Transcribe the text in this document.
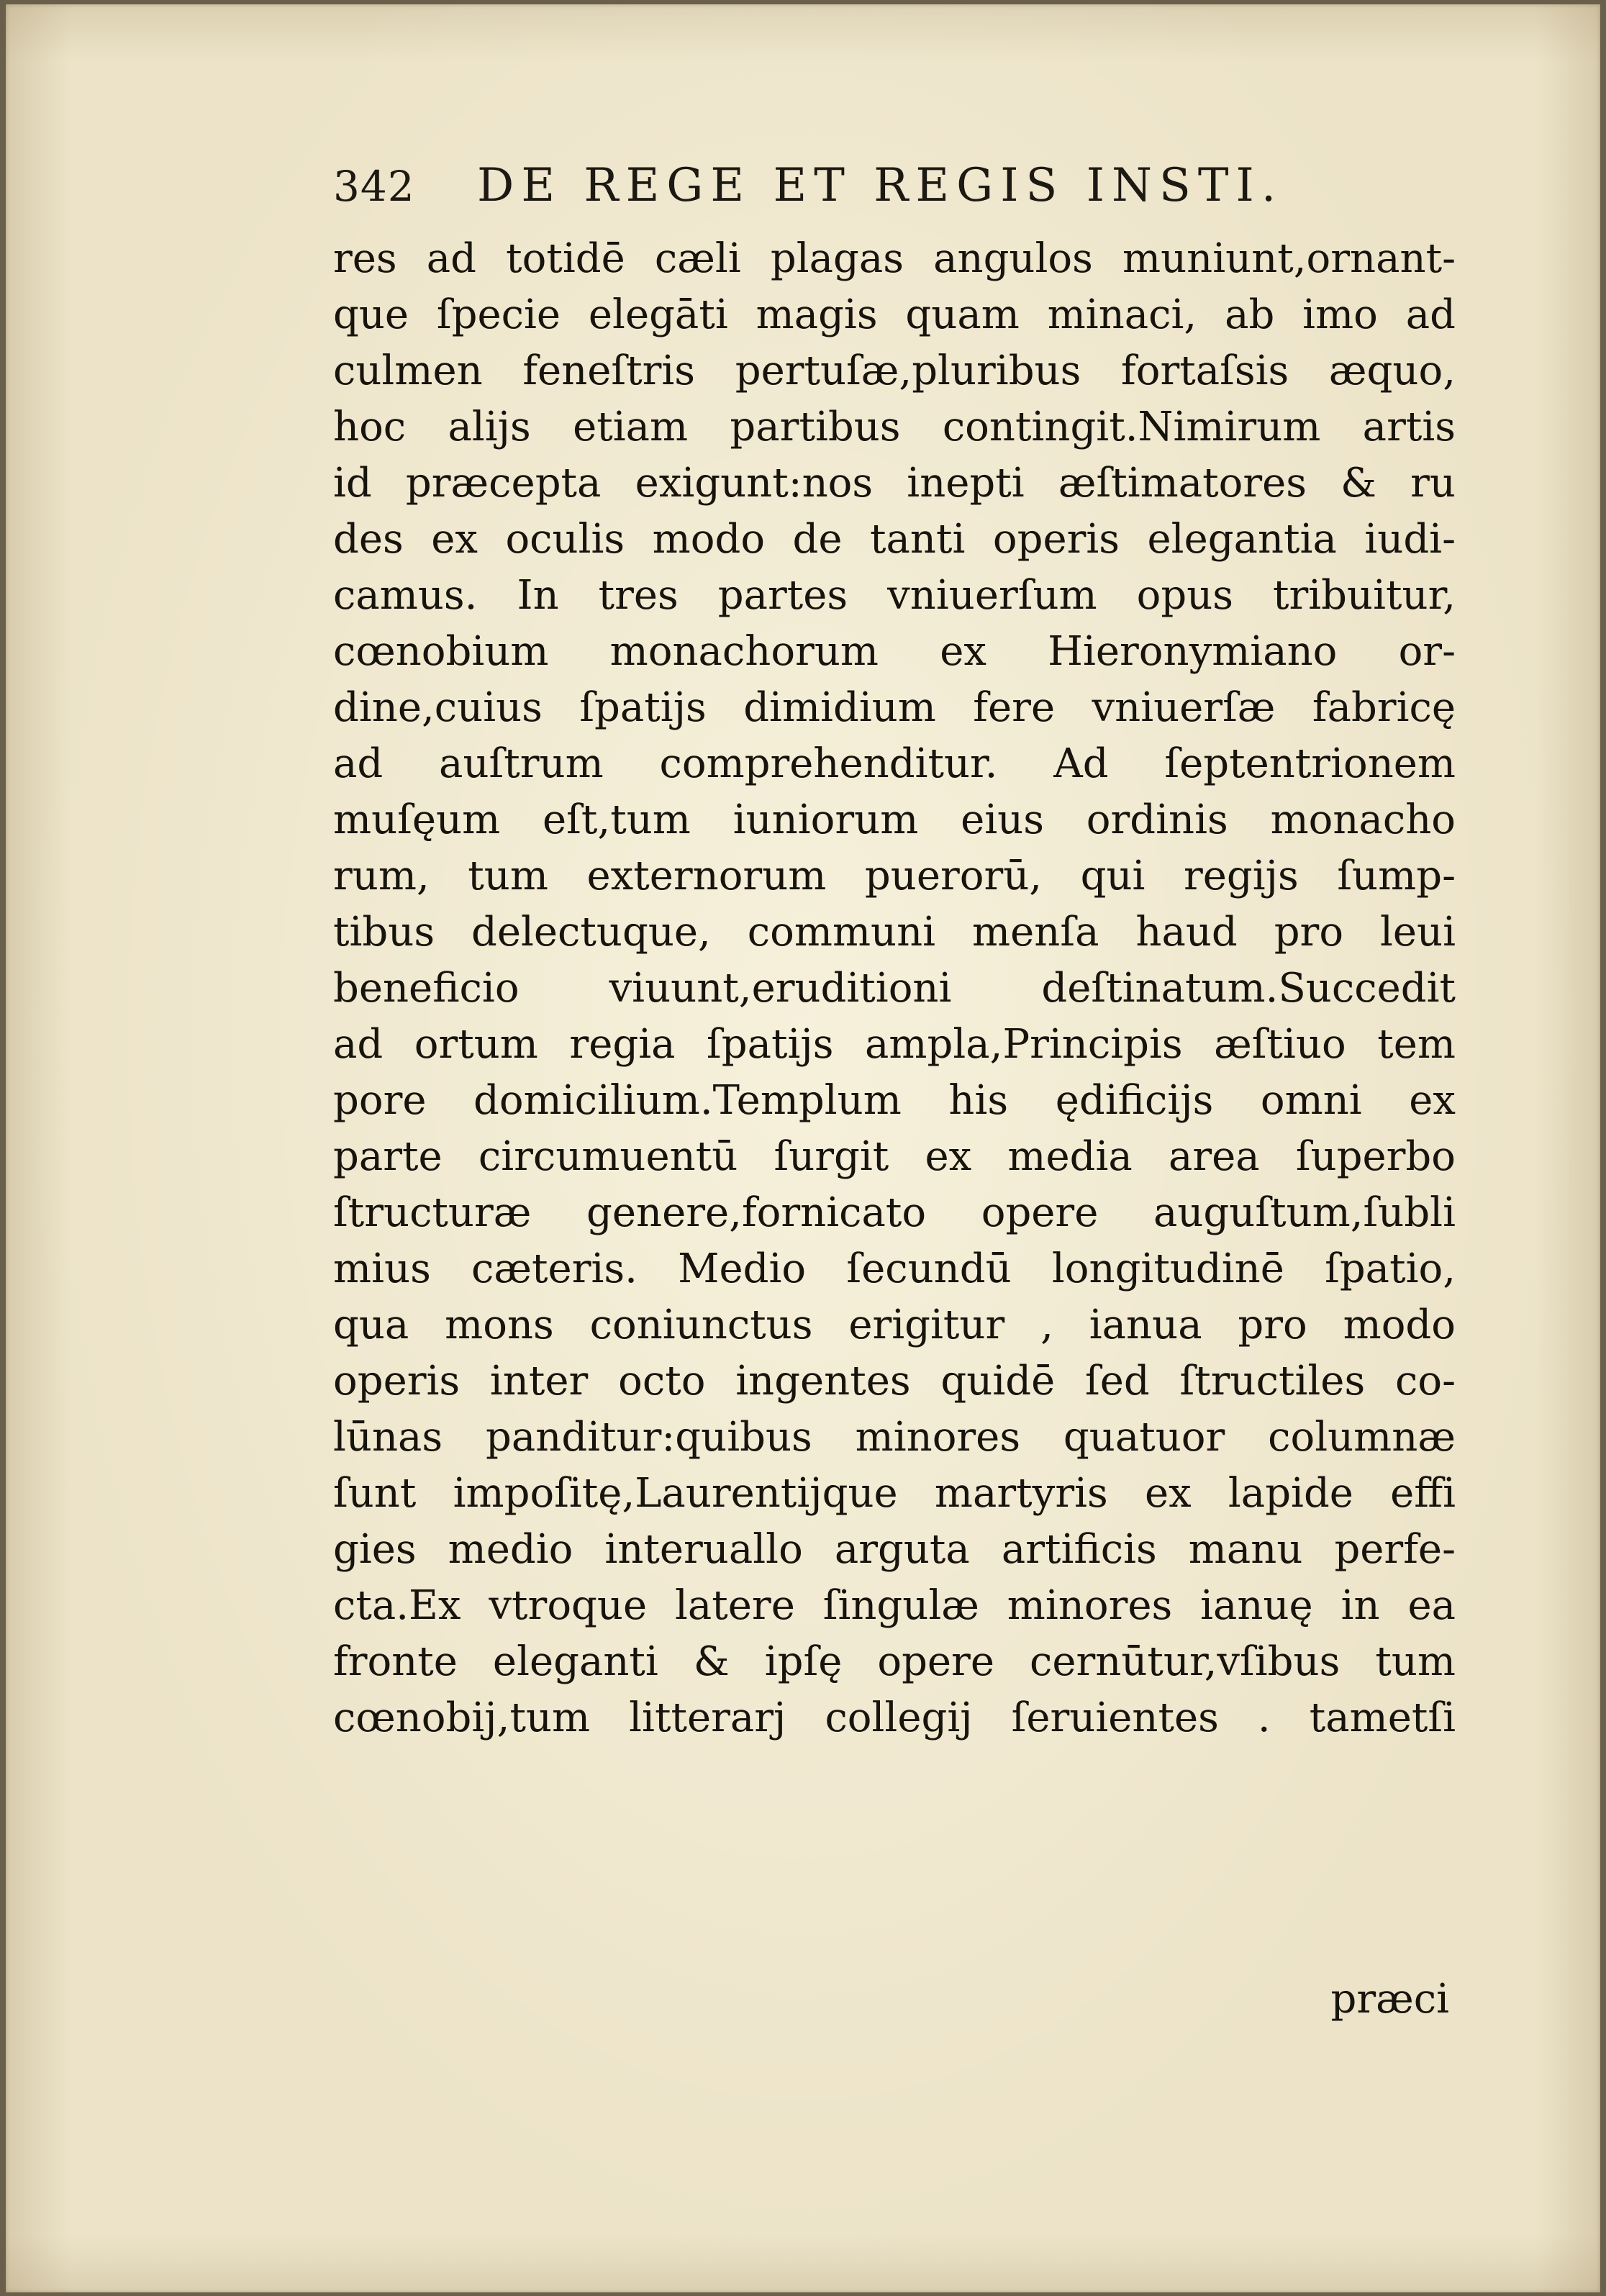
342	DE REGE ET REGIS INSTI.
res ad totidē cæli plagas angulos muniunt,ornant-
que ſpecie elegāti magis quam minaci, ab imo ad
culmen feneſtris pertuſæ,pluribus fortaſsis æquo,
hoc alijs etiam partibus contingit.Nimirum artis
id præcepta exigunt:nos inepti æſtimatores & ru
des ex oculis modo de tanti operis elegantia iudi-
camus. In tres partes vniuerſum opus tribuitur,
cœnobium monachorum ex Hieronymiano or-
dine,cuius ſpatijs dimidium fere vniuerſæ fabricę
ad auſtrum comprehenditur. Ad ſeptentrionem
muſęum eſt,tum iuniorum eius ordinis monacho
rum, tum externorum puerorū, qui regijs ſump-
tibus delectuque, communi menſa haud pro leui
beneficio viuunt,eruditioni deſtinatum.Succedit
ad ortum regia ſpatijs ampla,Principis æſtiuo tem
pore domicilium.Templum his ędificijs omni ex
parte circumuentū ſurgit ex media area ſuperbo
ſtructuræ genere,fornicato opere auguſtum,ſubli
mius cæteris. Medio ſecundū longitudinē ſpatio,
qua mons coniunctus erigitur , ianua pro modo
operis inter octo ingentes quidē ſed ſtructiles co-
lūnas panditur:quibus minores quatuor columnæ
ſunt impoſitę,Laurentijque martyris ex lapide effi
gies medio interuallo arguta artificis manu perfe-
cta.Ex vtroque latere ſingulæ minores ianuę in ea
fronte eleganti & ipſę opere cernūtur,vſibus tum
cœnobij,tum litterarj collegij ſeruientes . tametſi
præci
